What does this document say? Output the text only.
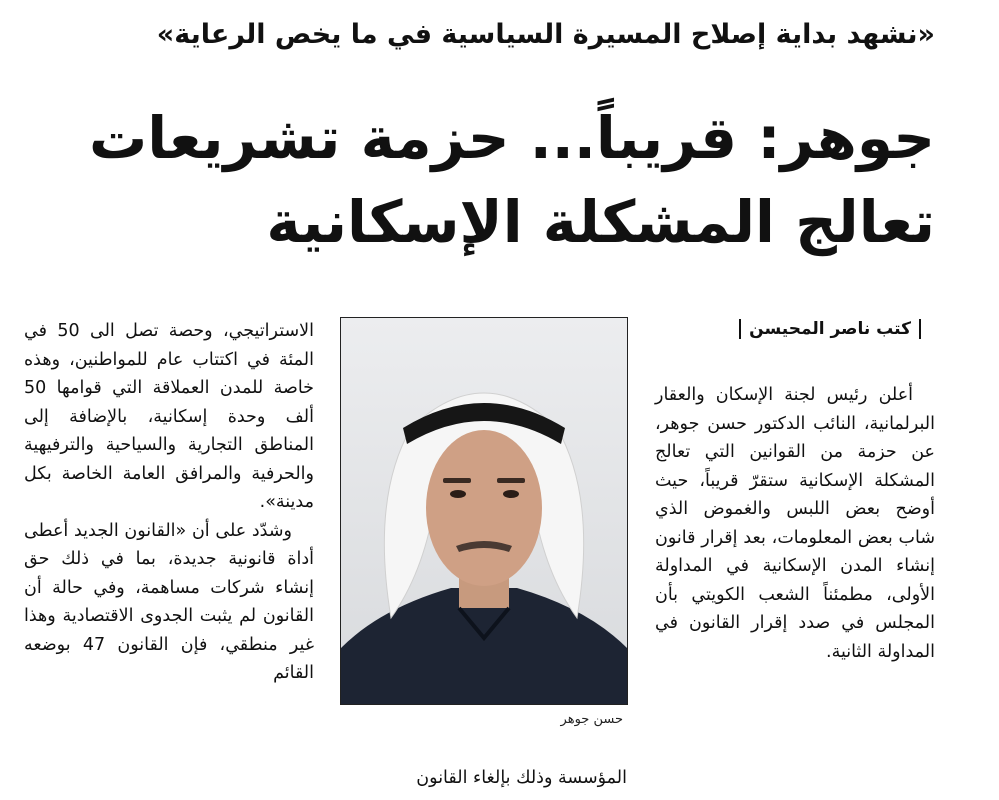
«نشهد بداية إصلاح المسيرة السياسية في ما يخص الرعاية»
جوهر: قريباً... حزمة تشريعات
تعالج المشكلة الإسكانية
كتب ناصر المحيسن
أعلن رئيس لجنة الإسكان والعقار البرلمانية، النائب الدكتور حسن جوهر، عن حزمة من القوانين التي تعالج المشكلة الإسكانية ستقرّ قريباً، حيث أوضح بعض اللبس والغموض الذي شاب بعض المعلومات، بعد إقرار قانون إنشاء المدن الإسكانية في المداولة الأولى، مطمئناً الشعب الكويتي بأن المجلس في صدد إقرار القانون في المداولة الثانية.
حسن جوهر
المؤسسة وذلك بإلغاء القانون
الاستراتيجي، وحصة تصل الى 50 في المئة في اكتتاب عام للمواطنين، وهذه خاصة للمدن العملاقة التي قوامها 50 ألف وحدة إسكانية، بالإضافة إلى المناطق التجارية والسياحية والترفيهية والحرفية والمرافق العامة الخاصة بكل مدينة».
وشدّد على أن «القانون الجديد أعطى أداة قانونية جديدة، بما في ذلك حق إنشاء شركات مساهمة، وفي حالة أن القانون لم يثبت الجدوى الاقتصادية وهذا غير منطقي، فإن القانون 47 بوضعه القائم
